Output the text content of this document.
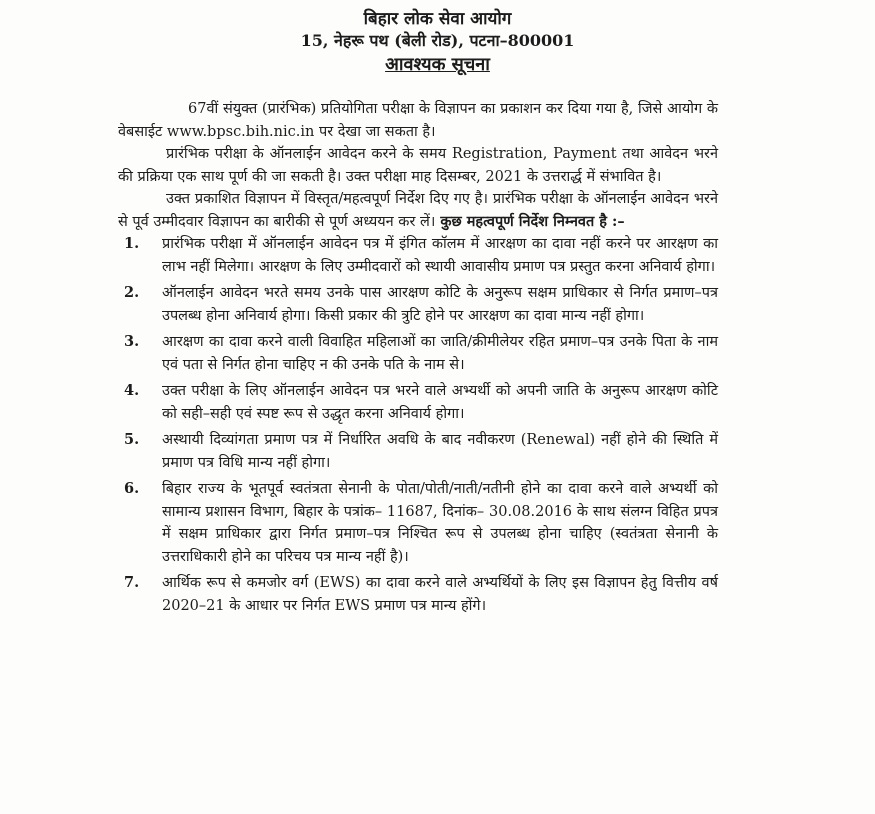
बिहार लोक सेवा आयोग
15, नेहरू पथ (बेली रोड), पटना–800001
आवश्यक सूचना

67वीं संयुक्त (प्रारंभिक) प्रतियोगिता परीक्षा के विज्ञापन का प्रकाशन कर दिया गया है, जिसे आयोग के वेबसाईट www.bpsc.bih.nic.in पर देखा जा सकता है।

प्रारंभिक परीक्षा के ऑनलाईन आवेदन करने के समय Registration, Payment तथा आवेदन भरने की प्रक्रिया एक साथ पूर्ण की जा सकती है। उक्त परीक्षा माह दिसम्बर, 2021 के उत्तरार्द्ध में संभावित है।

उक्त प्रकाशित विज्ञापन में विस्तृत/महत्वपूर्ण निर्देश दिए गए है। प्रारंभिक परीक्षा के ऑनलाईन आवेदन भरने से पूर्व उम्मीदवार विज्ञापन का बारीकी से पूर्ण अध्ययन कर लें। कुछ महत्वपूर्ण निर्देश निम्नवत है :–

1. प्रारंभिक परीक्षा में ऑनलाईन आवेदन पत्र में इंगित कॉलम में आरक्षण का दावा नहीं करने पर आरक्षण का लाभ नहीं मिलेगा। आरक्षण के लिए उम्मीदवारों को स्थायी आवासीय प्रमाण पत्र प्रस्तुत करना अनिवार्य होगा।
2. ऑनलाईन आवेदन भरते समय उनके पास आरक्षण कोटि के अनुरूप सक्षम प्राधिकार से निर्गत प्रमाण–पत्र उपलब्ध होना अनिवार्य होगा। किसी प्रकार की त्रुटि होने पर आरक्षण का दावा मान्य नहीं होगा।
3. आरक्षण का दावा करने वाली विवाहित महिलाओं का जाति/क्रीमीलेयर रहित प्रमाण–पत्र उनके पिता के नाम एवं पता से निर्गत होना चाहिए न की उनके पति के नाम से।
4. उक्त परीक्षा के लिए ऑनलाईन आवेदन पत्र भरने वाले अभ्यर्थी को अपनी जाति के अनुरूप आरक्षण कोटि को सही–सही एवं स्पष्ट रूप से उद्धृत करना अनिवार्य होगा।
5. अस्थायी दिव्यांगता प्रमाण पत्र में निर्धारित अवधि के बाद नवीकरण (Renewal) नहीं होने की स्थिति में प्रमाण पत्र विधि मान्य नहीं होगा।
6. बिहार राज्य के भूतपूर्व स्वतंत्रता सेनानी के पोता/पोती/नाती/नतीनी होने का दावा करने वाले अभ्यर्थी को सामान्य प्रशासन विभाग, बिहार के पत्रांक– 11687, दिनांक– 30.08.2016 के साथ संलग्न विहित प्रपत्र में सक्षम प्राधिकार द्वारा निर्गत प्रमाण–पत्र निश्चित रूप से उपलब्ध होना चाहिए (स्वतंत्रता सेनानी के उत्तराधिकारी होने का परिचय पत्र मान्य नहीं है)।
7. आर्थिक रूप से कमजोर वर्ग (EWS) का दावा करने वाले अभ्यर्थियों के लिए इस विज्ञापन हेतु वित्तीय वर्ष 2020–21 के आधार पर निर्गत EWS प्रमाण पत्र मान्य होंगे।
